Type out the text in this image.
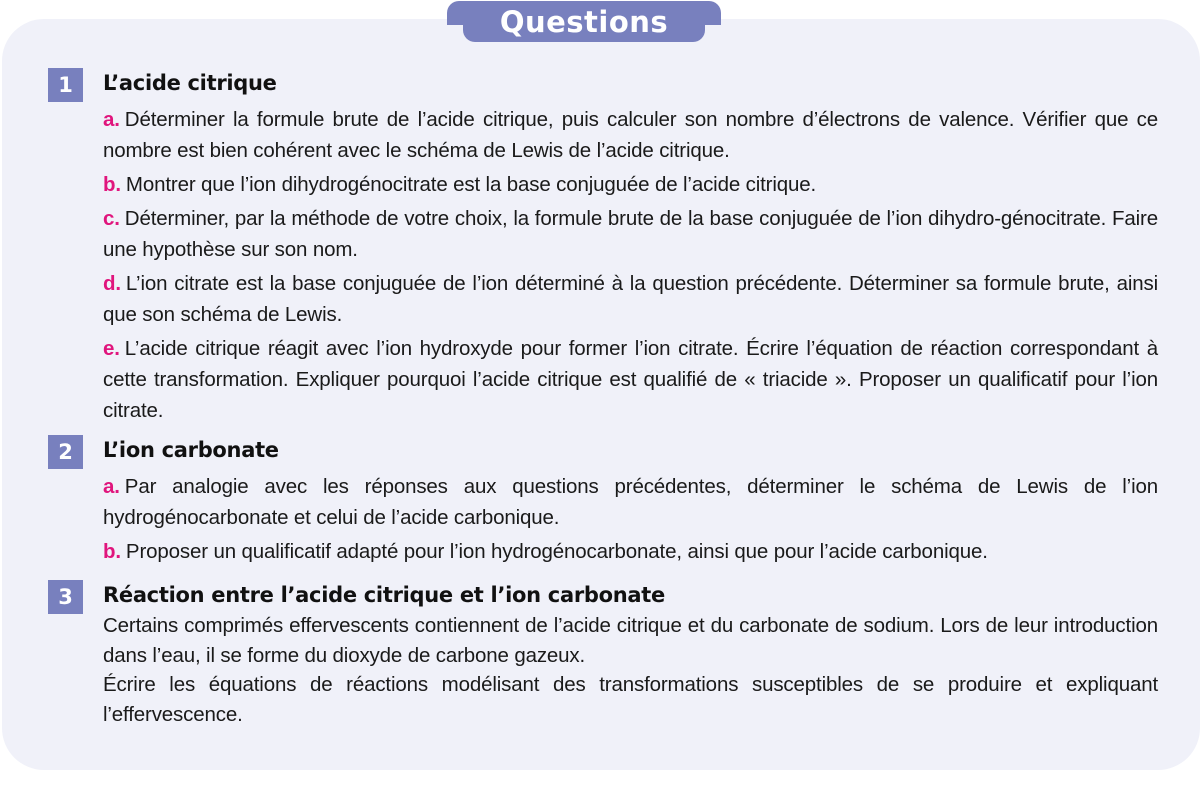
Questions
1	L’acide citrique
a. Déterminer la formule brute de l’acide citrique, puis calculer son nombre d’électrons de valence. Vérifier que ce nombre est bien cohérent avec le schéma de Lewis de l’acide citrique.
b. Montrer que l’ion dihydrogénocitrate est la base conjuguée de l’acide citrique.
c. Déterminer, par la méthode de votre choix, la formule brute de la base conjuguée de l’ion dihydro-génocitrate. Faire une hypothèse sur son nom.
d. L’ion citrate est la base conjuguée de l’ion déterminé à la question précédente. Déterminer sa formule brute, ainsi que son schéma de Lewis.
e. L’acide citrique réagit avec l’ion hydroxyde pour former l’ion citrate. Écrire l’équation de réaction correspondant à cette transformation. Expliquer pourquoi l’acide citrique est qualifié de « triacide ». Proposer un qualificatif pour l’ion citrate.
2	L’ion carbonate
a. Par analogie avec les réponses aux questions précédentes, déterminer le schéma de Lewis de l’ion hydrogénocarbonate et celui de l’acide carbonique.
b. Proposer un qualificatif adapté pour l’ion hydrogénocarbonate, ainsi que pour l’acide carbonique.
3	Réaction entre l’acide citrique et l’ion carbonate
Certains comprimés effervescents contiennent de l’acide citrique et du carbonate de sodium. Lors de leur introduction dans l’eau, il se forme du dioxyde de carbone gazeux.
Écrire les équations de réactions modélisant des transformations susceptibles de se produire et expliquant l’effervescence.
